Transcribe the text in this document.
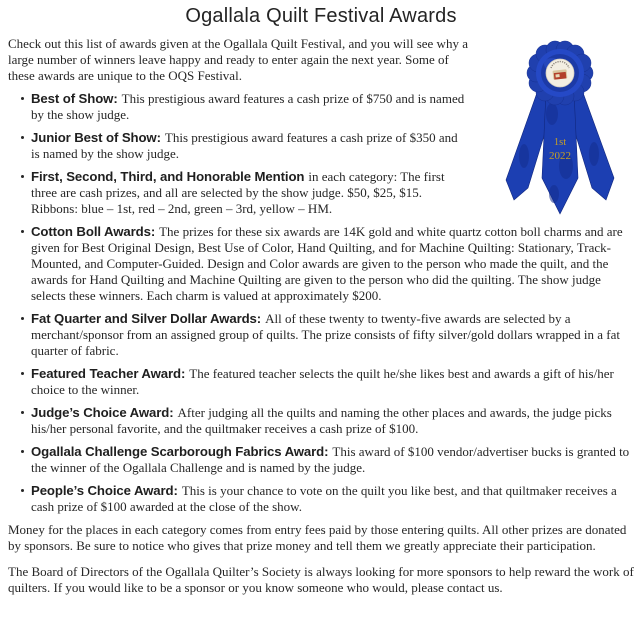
Ogallala Quilt Festival Awards
1st
2022

Check out this list of awards given at the Ogallala Quilt Festival, and you will see why a large number of winners leave happy and ready to enter again the next year. Some of these awards are unique to the OQS Festival.

Best of Show: This prestigious award features a cash prize of $750 and is named by the show judge.
Junior Best of Show: This prestigious award features a cash prize of $350 and is named by the show judge.
First, Second, Third, and Honorable Mention in each category: The first three are cash prizes, and all are selected by the show judge. $50, $25, $15. Ribbons: blue – 1st, red – 2nd, green – 3rd, yellow – HM.
Cotton Boll Awards: The prizes for these six awards are 14K gold and white quartz cotton boll charms and are given for Best Original Design, Best Use of Color, Hand Quilting, and for Machine Quilting: Stationary, Track-Mounted, and Computer-Guided. Design and Color awards are given to the person who made the quilt, and the awards for Hand Quilting and Machine Quilting are given to the person who did the quilting. The show judge selects these winners. Each charm is valued at approximately $200.
Fat Quarter and Silver Dollar Awards: All of these twenty to twenty-five awards are selected by a merchant/sponsor from an assigned group of quilts. The prize consists of fifty silver/gold dollars wrapped in a fat quarter of fabric.
Featured Teacher Award: The featured teacher selects the quilt he/she likes best and awards a gift of his/her choice to the winner.
Judge’s Choice Award: After judging all the quilts and naming the other places and awards, the judge picks his/her personal favorite, and the quiltmaker receives a cash prize of $100.
Ogallala Challenge Scarborough Fabrics Award: This award of $100 vendor/advertiser bucks is granted to the winner of the Ogallala Challenge and is named by the judge.
People’s Choice Award: This is your chance to vote on the quilt you like best, and that quiltmaker receives a cash prize of $100 awarded at the close of the show.

Money for the places in each category comes from entry fees paid by those entering quilts. All other prizes are donated by sponsors. Be sure to notice who gives that prize money and tell them we greatly appreciate their participation.

The Board of Directors of the Ogallala Quilter’s Society is always looking for more sponsors to help reward the work of quilters. If you would like to be a sponsor or you know someone who would, please contact us.
